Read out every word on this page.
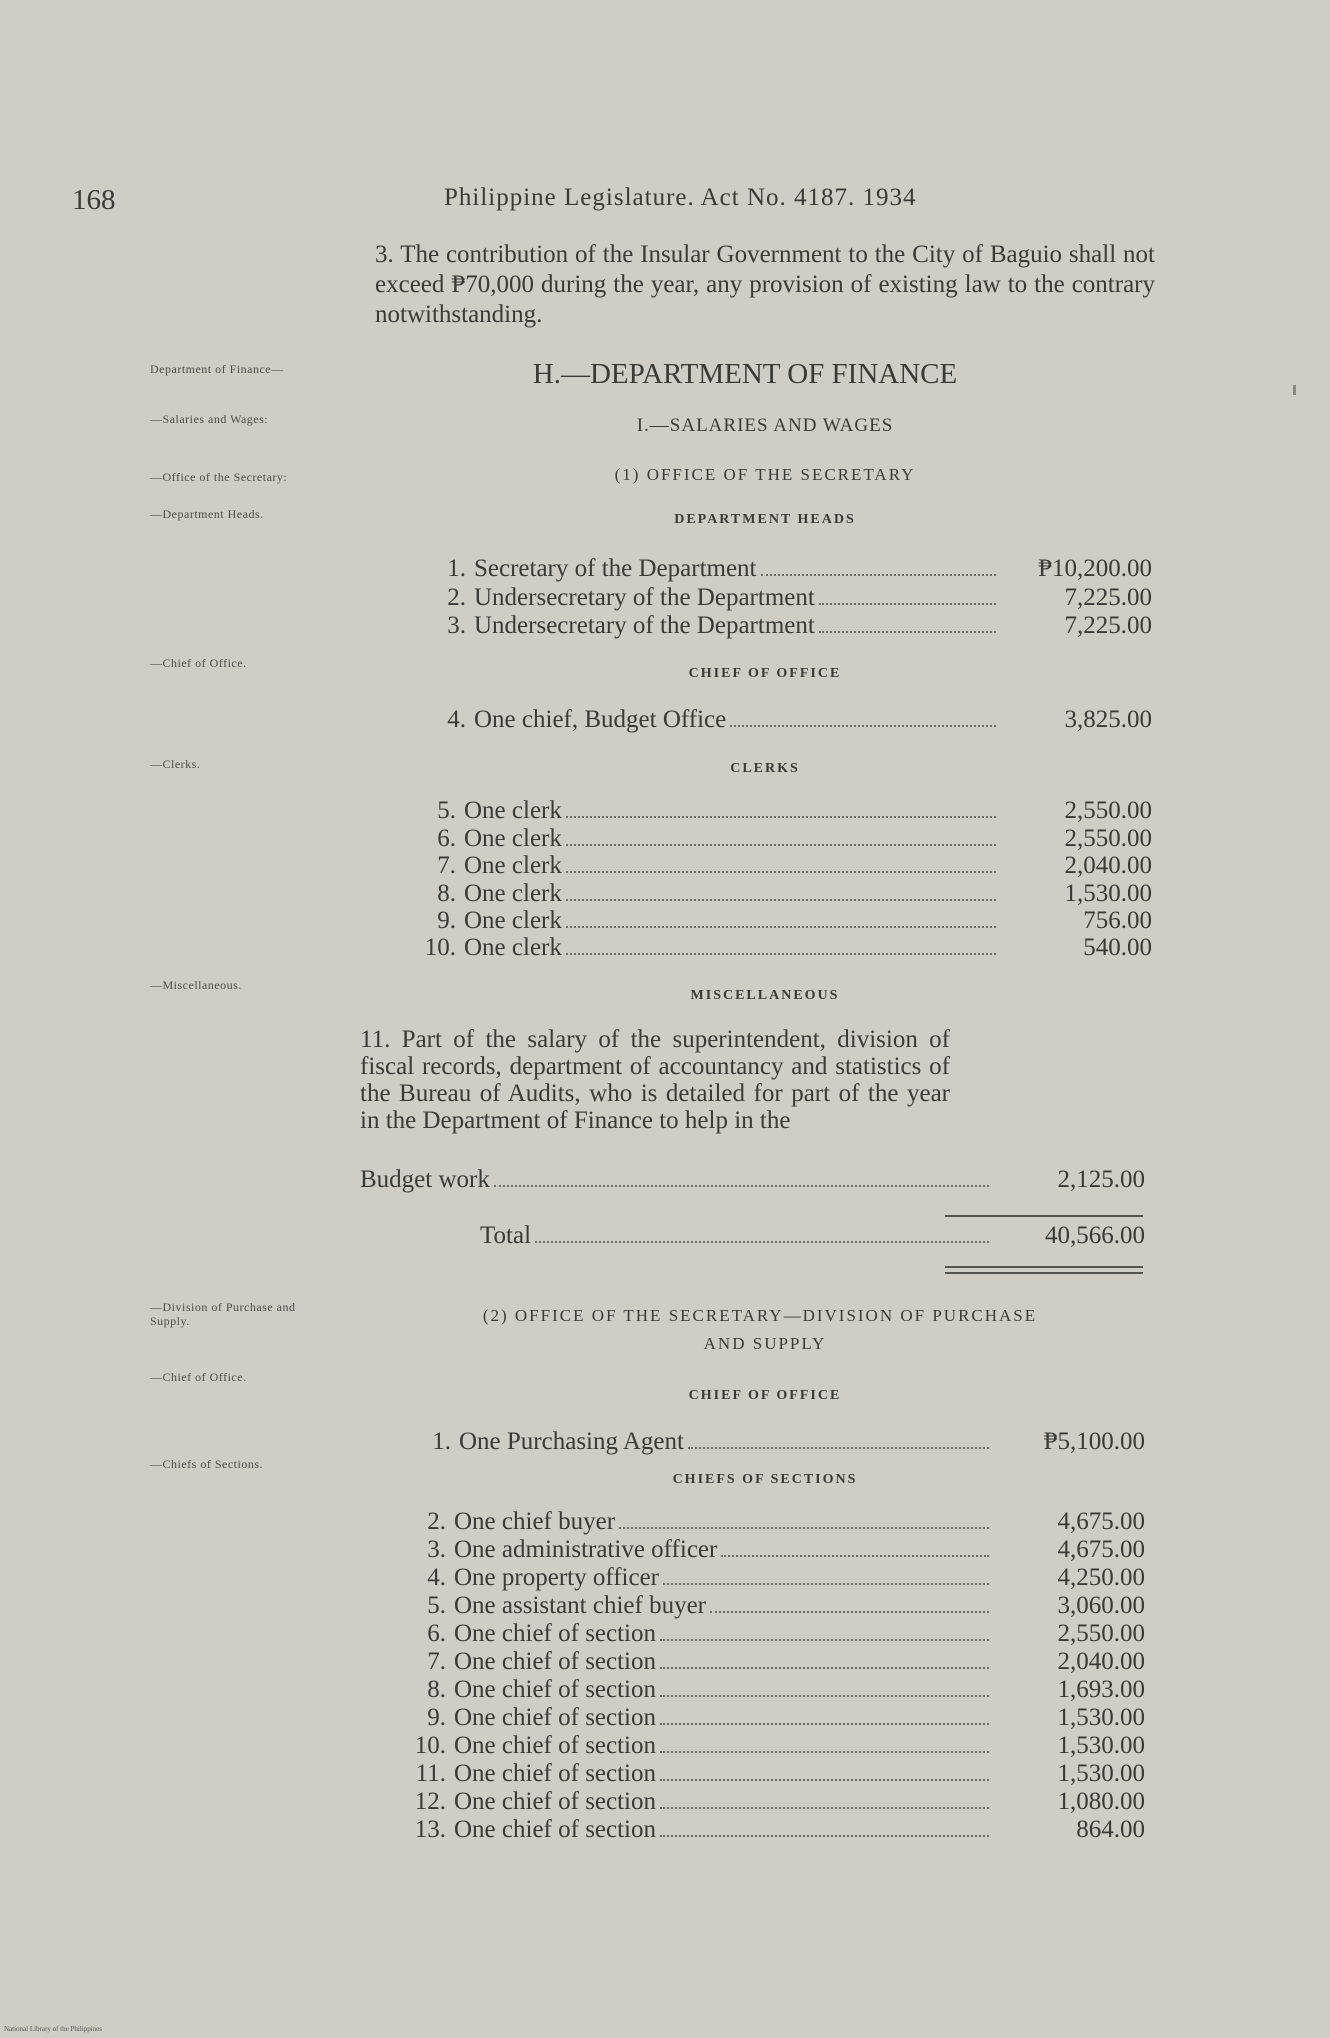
168	Philippine Legislature. Act No. 4187. 1934
3. The contribution of the Insular Government to the City of Baguio shall not exceed ₱70,000 during the year, any provision of existing law to the contrary notwithstanding.
Department of Finance—
—Salaries and Wages:
—Office of the Secretary:
—Department Heads.
—Chief of Office.
—Clerks.
—Miscellaneous.
—Division of Purchase and Supply.
—Chief of Office.
—Chiefs of Sections.
H.—DEPARTMENT OF FINANCE
I.—SALARIES AND WAGES
(1) OFFICE OF THE SECRETARY
DEPARTMENT HEADS
1. Secretary of the Department	₱10,200.00
2. Undersecretary of the Department	7,225.00
3. Undersecretary of the Department	7,225.00
CHIEF OF OFFICE
4. One chief, Budget Office	3,825.00
CLERKS
5. One clerk	2,550.00
6. One clerk	2,550.00
7. One clerk	2,040.00
8. One clerk	1,530.00
9. One clerk	756.00
10. One clerk	540.00
MISCELLANEOUS
11. Part of the salary of the superintendent, division of fiscal records, department of accountancy and statistics of the Bureau of Audits, who is detailed for part of the year in the Department of Finance to help in the
Budget work	2,125.00
Total	40,566.00
(2) OFFICE OF THE SECRETARY—DIVISION OF PURCHASE
AND SUPPLY
CHIEF OF OFFICE
1. One Purchasing Agent	₱5,100.00
CHIEFS OF SECTIONS
2. One chief buyer	4,675.00
3. One administrative officer	4,675.00
4. One property officer	4,250.00
5. One assistant chief buyer	3,060.00
6. One chief of section	2,550.00
7. One chief of section	2,040.00
8. One chief of section	1,693.00
9. One chief of section	1,530.00
10. One chief of section	1,530.00
11. One chief of section	1,530.00
12. One chief of section	1,080.00
13. One chief of section	864.00
National Library of the Philippines
